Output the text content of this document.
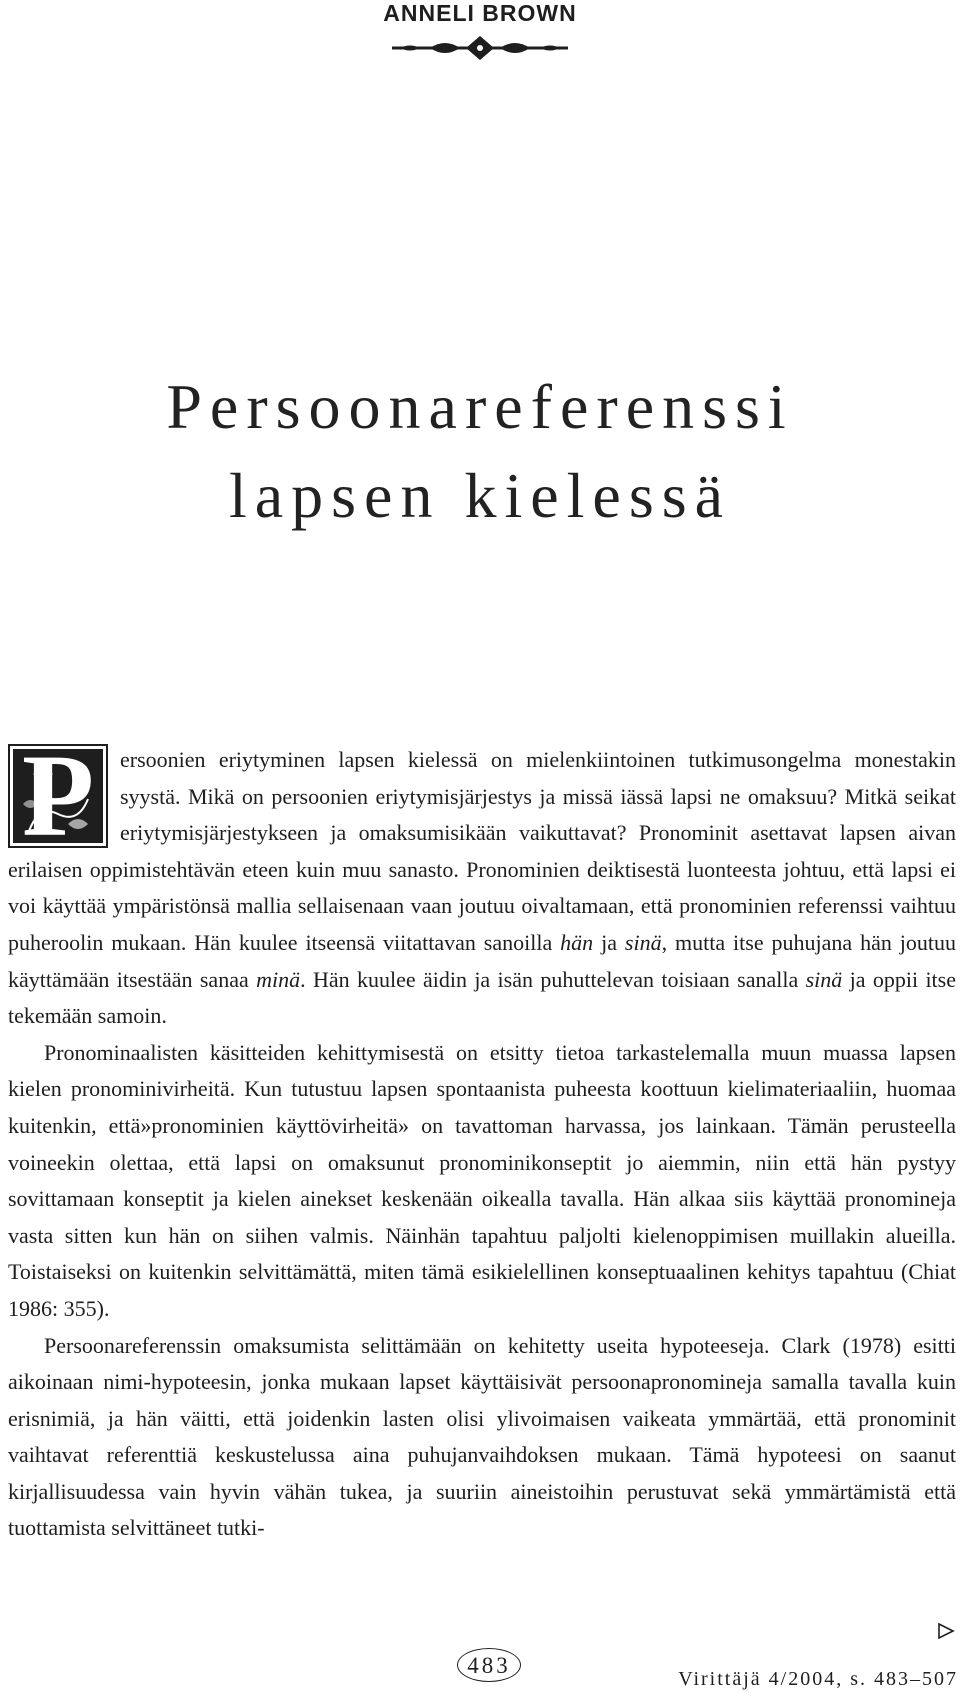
ANNELI BROWN
Persoonareferenssi
lapsen kielessä

P	ersoonien eriytyminen lapsen kielessä on mielenkiintoinen tutkimusongelma monestakin syystä. Mikä on persoonien eriytymisjärjestys ja missä iässä lapsi ne omaksuu? Mitkä seikat eriytymisjärjestykseen ja omaksumisikään vaikuttavat? Pronominit asettavat lapsen aivan erilaisen oppimistehtävän eteen kuin muu sanasto. Pronominien deiktisestä luonteesta johtuu, että lapsi ei voi käyttää ympäristönsä mallia sellaisenaan vaan joutuu oivaltamaan, että pronominien referenssi vaihtuu puheroolin mukaan. Hän kuulee itseensä viitattavan sanoilla hän ja sinä, mutta itse puhujana hän joutuu käyttämään itsestään sanaa minä. Hän kuulee äidin ja isän puhuttelevan toisiaan sanalla sinä ja oppii itse tekemään samoin.

Pronominaalisten käsitteiden kehittymisestä on etsitty tietoa tarkastelemalla muun muassa lapsen kielen pronominivirheitä. Kun tutustuu lapsen spontaanista puheesta koottuun kielimateriaaliin, huomaa kuitenkin, että»pronominien käyttövirheitä» on tavattoman harvassa, jos lainkaan. Tämän perusteella voineekin olettaa, että lapsi on omaksunut pronominikonseptit jo aiemmin, niin että hän pystyy sovittamaan konseptit ja kielen ainekset keskenään oikealla tavalla. Hän alkaa siis käyttää pronomineja vasta sitten kun hän on siihen valmis. Näinhän tapahtuu paljolti kielenoppimisen muillakin alueilla. Toistaiseksi on kuitenkin selvittämättä, miten tämä esikielellinen konseptuaalinen kehitys tapahtuu (Chiat 1986: 355).

Persoonareferenssin omaksumista selittämään on kehitetty useita hypoteeseja. Clark (1978) esitti aikoinaan nimi-hypoteesin, jonka mukaan lapset käyttäisivät persoonapronomineja samalla tavalla kuin erisnimiä, ja hän väitti, että joidenkin lasten olisi ylivoimaisen vaikeata ymmärtää, että pronominit vaihtavat referenttiä keskustelussa aina puhujanvaihdoksen mukaan. Tämä hypoteesi on saanut kirjallisuudessa vain hyvin vähän tukea, ja suuriin aineistoihin perustuvat sekä ymmärtämistä että tuottamista selvittäneet tutki-

483
Virittäjä 4/2004, s. 483–507
